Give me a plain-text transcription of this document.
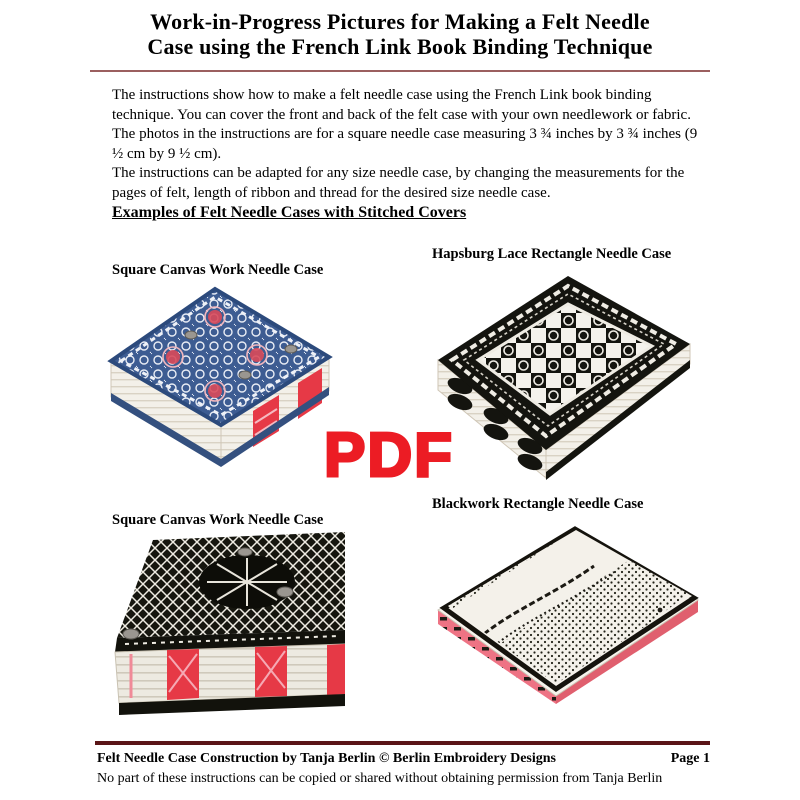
Work-in-Progress Pictures for Making a Felt Needle
Case using the French Link Book Binding Technique
The instructions show how to make a felt needle case using the French Link book binding technique. You can cover the front and back of the felt case with your own needlework or fabric. The photos in the instructions are for a square needle case measuring 3 ¾ inches by 3 ¾ inches (9 ½ cm by 9 ½ cm).
The instructions can be adapted for any size needle case, by changing the measurements for the pages of felt, length of ribbon and thread for the desired size needle case.
Examples of Felt Needle Cases with Stitched Covers
Hapsburg Lace Rectangle Needle Case
Square Canvas Work Needle Case
Blackwork Rectangle Needle Case
Square Canvas Work Needle Case
PDF
Felt Needle Case Construction by Tanja Berlin © Berlin Embroidery Designs	Page 1
No part of these instructions can be copied or shared without obtaining permission from Tanja Berlin
